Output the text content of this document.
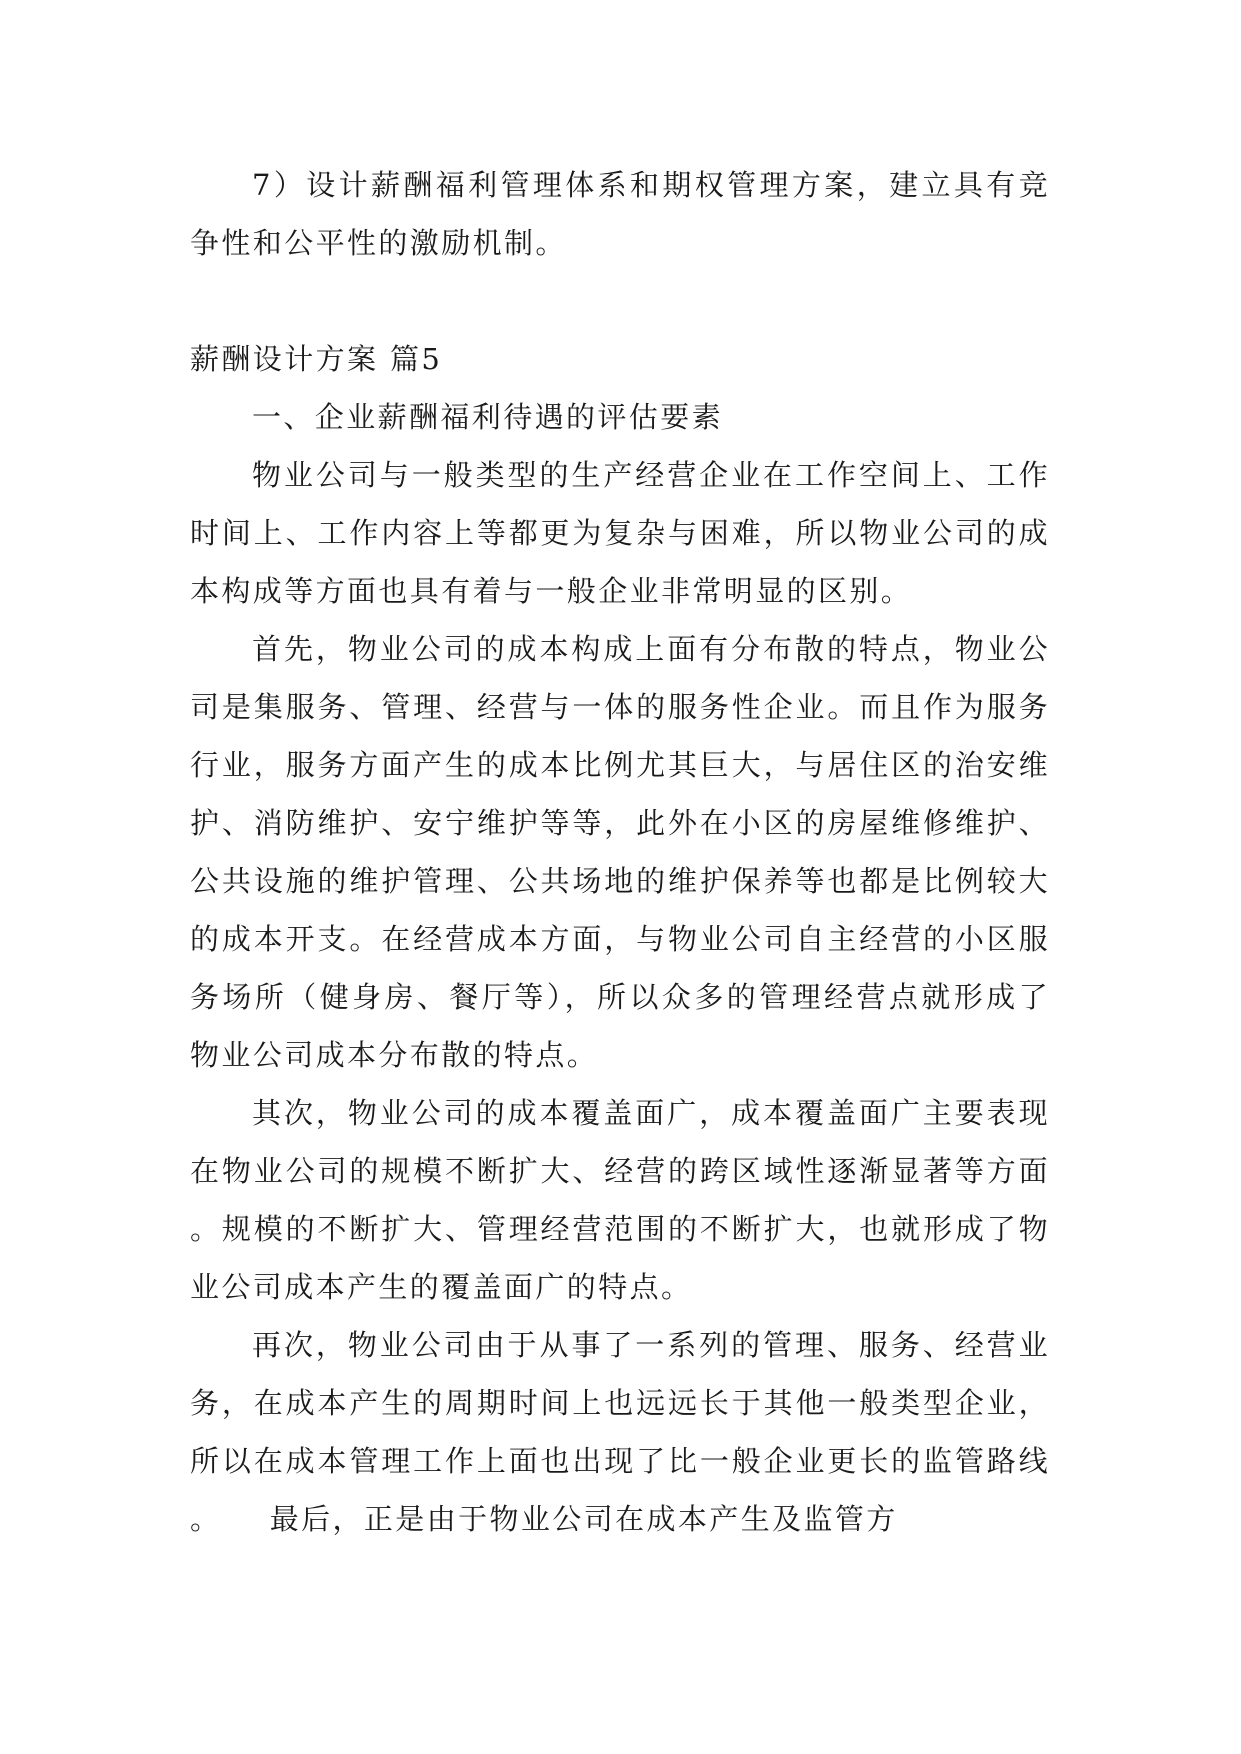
7）设计薪酬福利管理体系和期权管理方案，建立具有竞争性和公平性的激励机制。

薪酬设计方案 篇5

一、企业薪酬福利待遇的评估要素

物业公司与一般类型的生产经营企业在工作空间上、工作时间上、工作内容上等都更为复杂与困难，所以物业公司的成本构成等方面也具有着与一般企业非常明显的区别。

首先，物业公司的成本构成上面有分布散的特点，物业公司是集服务、管理、经营与一体的服务性企业。而且作为服务行业，服务方面产生的成本比例尤其巨大，与居住区的治安维护、消防维护、安宁维护等等，此外在小区的房屋维修维护、公共设施的维护管理、公共场地的维护保养等也都是比例较大的成本开支。在经营成本方面，与物业公司自主经营的小区服务场所（健身房、餐厅等），所以众多的管理经营点就形成了物业公司成本分布散的特点。

其次，物业公司的成本覆盖面广，成本覆盖面广主要表现在物业公司的规模不断扩大、经营的跨区域性逐渐显著等方面。规模的不断扩大、管理经营范围的不断扩大，也就形成了物业公司成本产生的覆盖面广的特点。

再次，物业公司由于从事了一系列的管理、服务、经营业务，在成本产生的周期时间上也远远长于其他一般类型企业，所以在成本管理工作上面也出现了比一般企业更长的监管路线。　　最后，正是由于物业公司在成本产生及监管方
